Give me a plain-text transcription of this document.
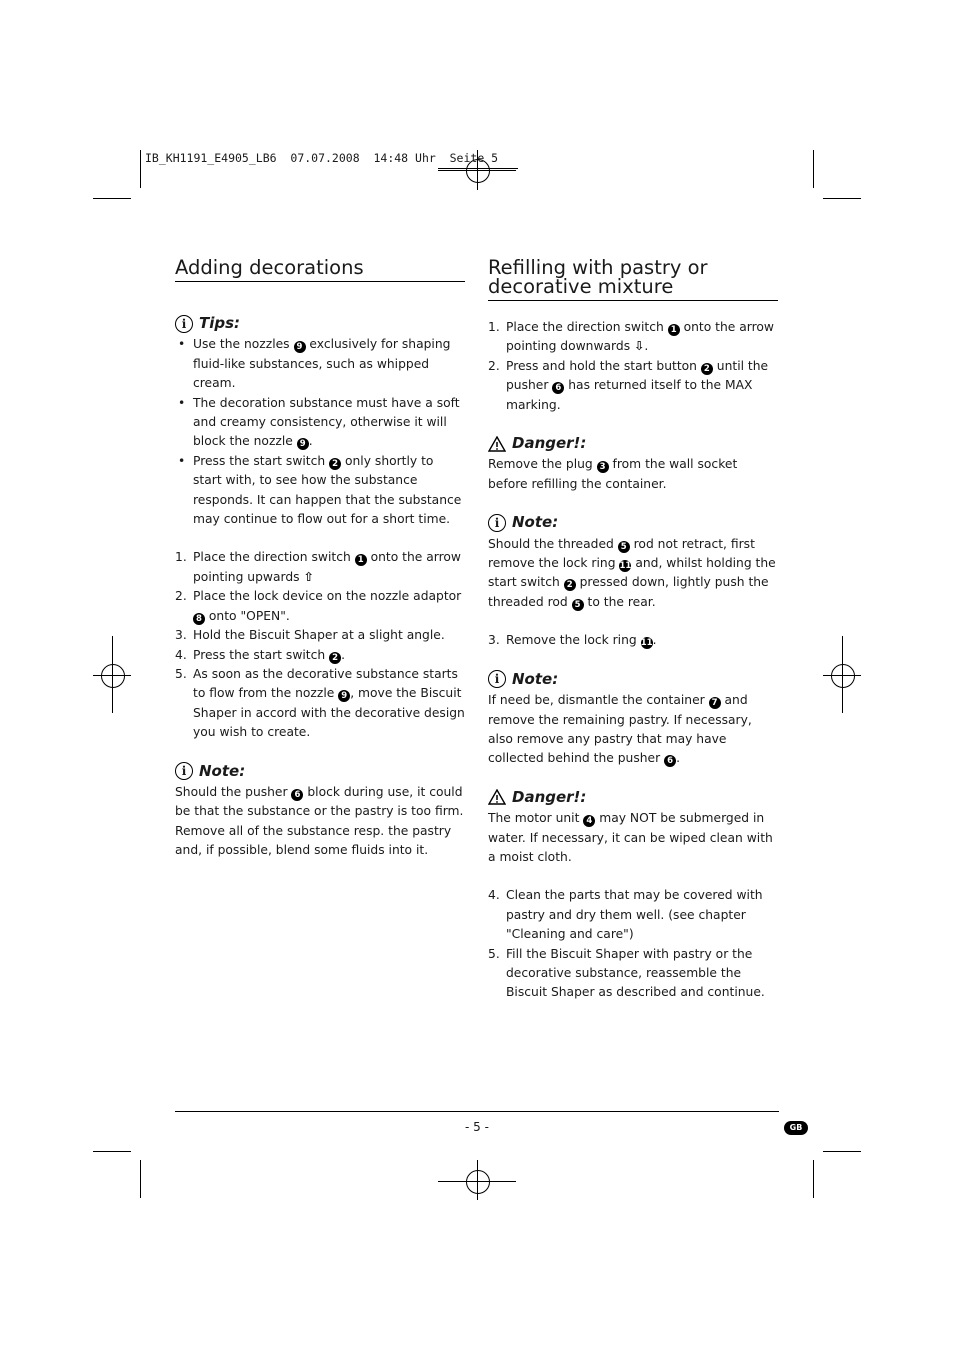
IB_KH1191_E4905_LB6  07.07.2008  14:48 Uhr  Seite 5
Adding decorations
i Tips:
• Use the nozzles 9 exclusively for shaping fluid-like substances, such as whipped cream.
• The decoration substance must have a soft and creamy consistency, otherwise it will block the nozzle 9 .
• Press the start switch 2 only shortly to start with, to see how the substance responds. It can happen that the substance may continue to flow out for a short time.
1. Place the direction switch 1 onto the arrow pointing upwards ⇧
2. Place the lock device on the nozzle adaptor 8 onto "OPEN".
3. Hold the Biscuit Shaper at a slight angle.
4. Press the start switch 2 .
5. As soon as the decorative substance starts to flow from the nozzle 9 , move the Biscuit Shaper in accord with the decorative design you wish to create.
i Note:

Should the pusher 6 block during use, it could be that the substance or the pastry is too firm. Remove all of the substance resp. the pastry and, if possible, blend some fluids into it.

Refilling with pastry or
decorative mixture
1. Place the direction switch 1 onto the arrow pointing downwards ⇩.
2. Press and hold the start button 2 until the pusher 6 has returned itself to the MAX marking.
Danger!:

Remove the plug 3 from the wall socket before refilling the container.

i Note:

Should the threaded 5 rod not retract, first remove the lock ring 11 and, whilst holding the start switch 2 pressed down, lightly push the threaded rod 5 to the rear.

3. Remove the lock ring 11.
i Note:

If need be, dismantle the container 7 and remove the remaining pastry. If necessary, also remove any pastry that may have collected behind the pusher 6 .

Danger!:

The motor unit 4 may NOT be submerged in water. If necessary, it can be wiped clean with a moist cloth.

4. Clean the parts that may be covered with pastry and dry them well. (see chapter "Cleaning and care")
5. Fill the Biscuit Shaper with pastry or the decorative substance, reassemble the Biscuit Shaper as described and continue.
- 5 -	GB
